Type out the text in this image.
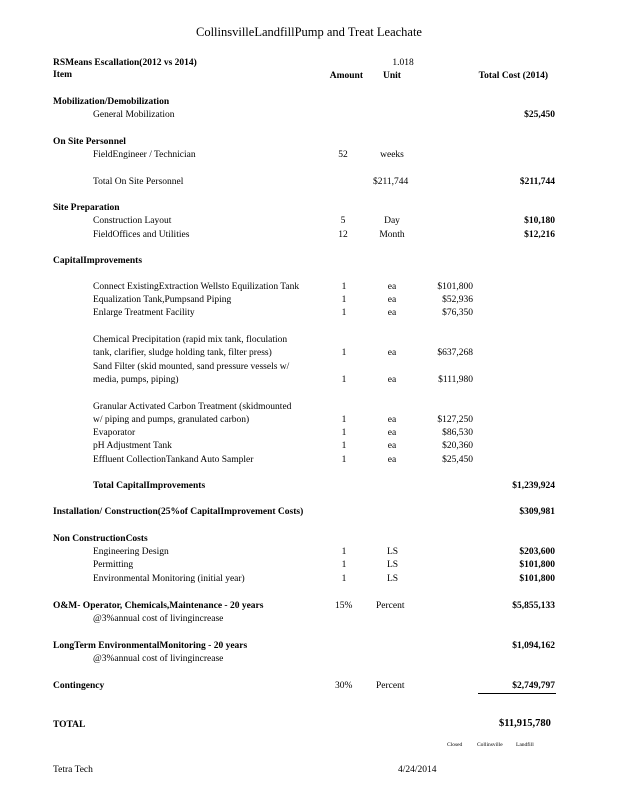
CollinsvilleLandfillPump and Treat Leachate
RSMeans Escallation(2012 vs 2014)	1.018
Item	Amount Unit	Total Cost (2014)
Mobilization/Demobilization
General Mobilization	$25,450
On Site Personnel
FieldEngineer / Technician	52	weeks
Total On Site Personnel	$211,744	$211,744
Site Preparation
Construction Layout	5	Day	$10,180
FieldOffices and Utilities	12	Month	$12,216
CapitalImprovements
Connect ExistingExtraction Wellsto Equilization Tank	1	ea	$101,800
Equalization Tank,Pumpsand Piping	1	ea	$52,936
Enlarge Treatment Facility	1	ea	$76,350
Chemical Precipitation (rapid mix tank, floculation
tank, clarifier, sludge holding tank, filter press)	1	ea	$637,268
Sand Filter (skid mounted, sand pressure vessels w/
media, pumps, piping)	1	ea	$111,980
Granular Activated Carbon Treatment (skidmounted
w/ piping and pumps, granulated carbon)	1	ea	$127,250
Evaporator	1	ea	$86,530
pH Adjustment Tank	1	ea	$20,360
Effluent CollectionTankand Auto Sampler	1	ea	$25,450
Total CapitalImprovements	$1,239,924
Installation/ Construction(25%of CapitalImprovement Costs)	$309,981
Non ConstructionCosts
Engineering Design	1	LS	$203,600
Permitting	1	LS	$101,800
Environmental Monitoring (initial year)	1	LS	$101,800
O&M- Operator, Chemicals,Maintenance - 20 years	15% Percent	$5,855,133
@3%annual cost of livingincrease
LongTerm EnvironmentalMonitoring - 20 years	$1,094,162
@3%annual cost of livingincrease
Contingency	30% Percent	$2,749,797
TOTAL	$11,915,780
Closed	Collinsville Landfill
Tetra Tech	4/24/2014
